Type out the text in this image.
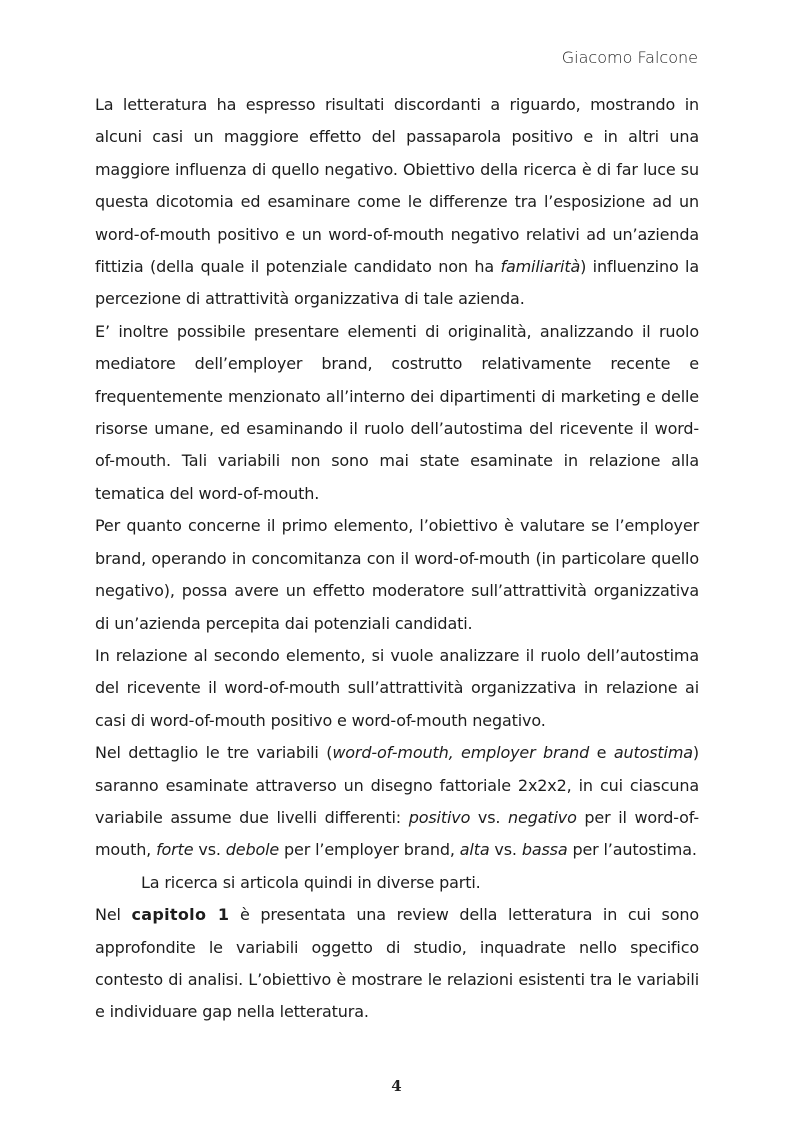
Giacomo Falcone

La letteratura ha espresso risultati discordanti a riguardo, mostrando in alcuni casi un maggiore effetto del passaparola positivo e in altri una maggiore influenza di quello negativo. Obiettivo della ricerca è di far luce su questa dicotomia ed esaminare come le differenze tra l’esposizione ad un word-of-mouth positivo e un word-of-mouth negativo relativi ad un’azienda fittizia (della quale il potenziale candidato non ha familiarità) influenzino la percezione di attrattività organizzativa di tale azienda.

E’ inoltre possibile presentare elementi di originalità, analizzando il ruolo mediatore dell’employer brand, costrutto relativamente recente e frequentemente menzionato all’interno dei dipartimenti di marketing e delle risorse umane, ed esaminando il ruolo dell’autostima del ricevente il word-of-mouth. Tali variabili non sono mai state esaminate in relazione alla tematica del word-of-mouth.

Per quanto concerne il primo elemento, l’obiettivo è valutare se l’employer brand, operando in concomitanza con il word-of-mouth (in particolare quello negativo), possa avere un effetto moderatore sull’attrattività organizzativa di un’azienda percepita dai potenziali candidati.

In relazione al secondo elemento, si vuole analizzare il ruolo dell’autostima del ricevente il word-of-mouth sull’attrattività organizzativa in relazione ai casi di word-of-mouth positivo e word-of-mouth negativo.

Nel dettaglio le tre variabili (word-of-mouth, employer brand e autostima) saranno esaminate attraverso un disegno fattoriale 2x2x2, in cui ciascuna variabile assume due livelli differenti: positivo vs. negativo per il word-of-mouth, forte vs. debole per l’employer brand, alta vs. bassa per l’autostima.

La ricerca si articola quindi in diverse parti.

Nel capitolo 1 è presentata una review della letteratura in cui sono approfondite le variabili oggetto di studio, inquadrate nello specifico contesto di analisi. L’obiettivo è mostrare le relazioni esistenti tra le variabili e individuare gap nella letteratura.

4
